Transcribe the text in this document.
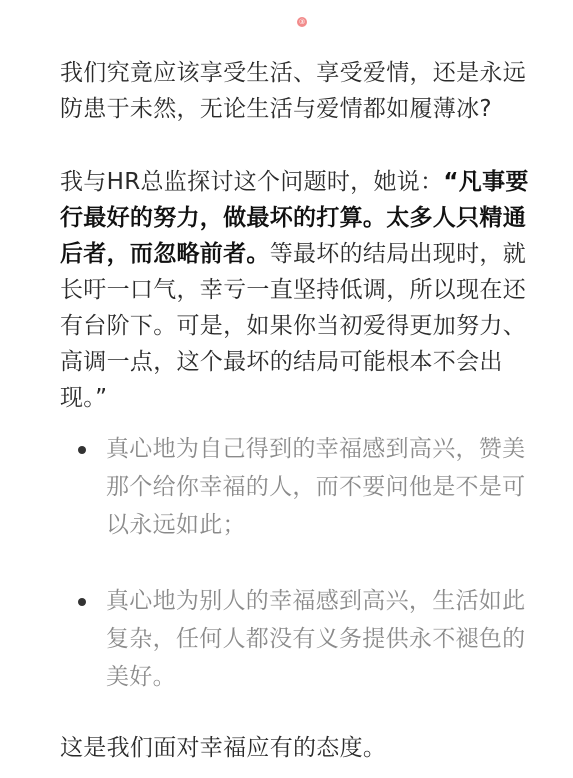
③

我们究竟应该享受生活、享受爱情，还是永远防患于未然，无论生活与爱情都如履薄冰?

我与HR总监探讨这个问题时，她说：“凡事要行最好的努力，做最坏的打算。太多人只精通后者，而忽略前者。等最坏的结局出现时，就长吁一口气，幸亏一直坚持低调，所以现在还有台阶下。可是，如果你当初爱得更加努力、高调一点，这个最坏的结局可能根本不会出现。”

真心地为自己得到的幸福感到高兴，赞美那个给你幸福的人，而不要问他是不是可以永远如此；

真心地为别人的幸福感到高兴，生活如此复杂，任何人都没有义务提供永不褪色的美好。

这是我们面对幸福应有的态度。
